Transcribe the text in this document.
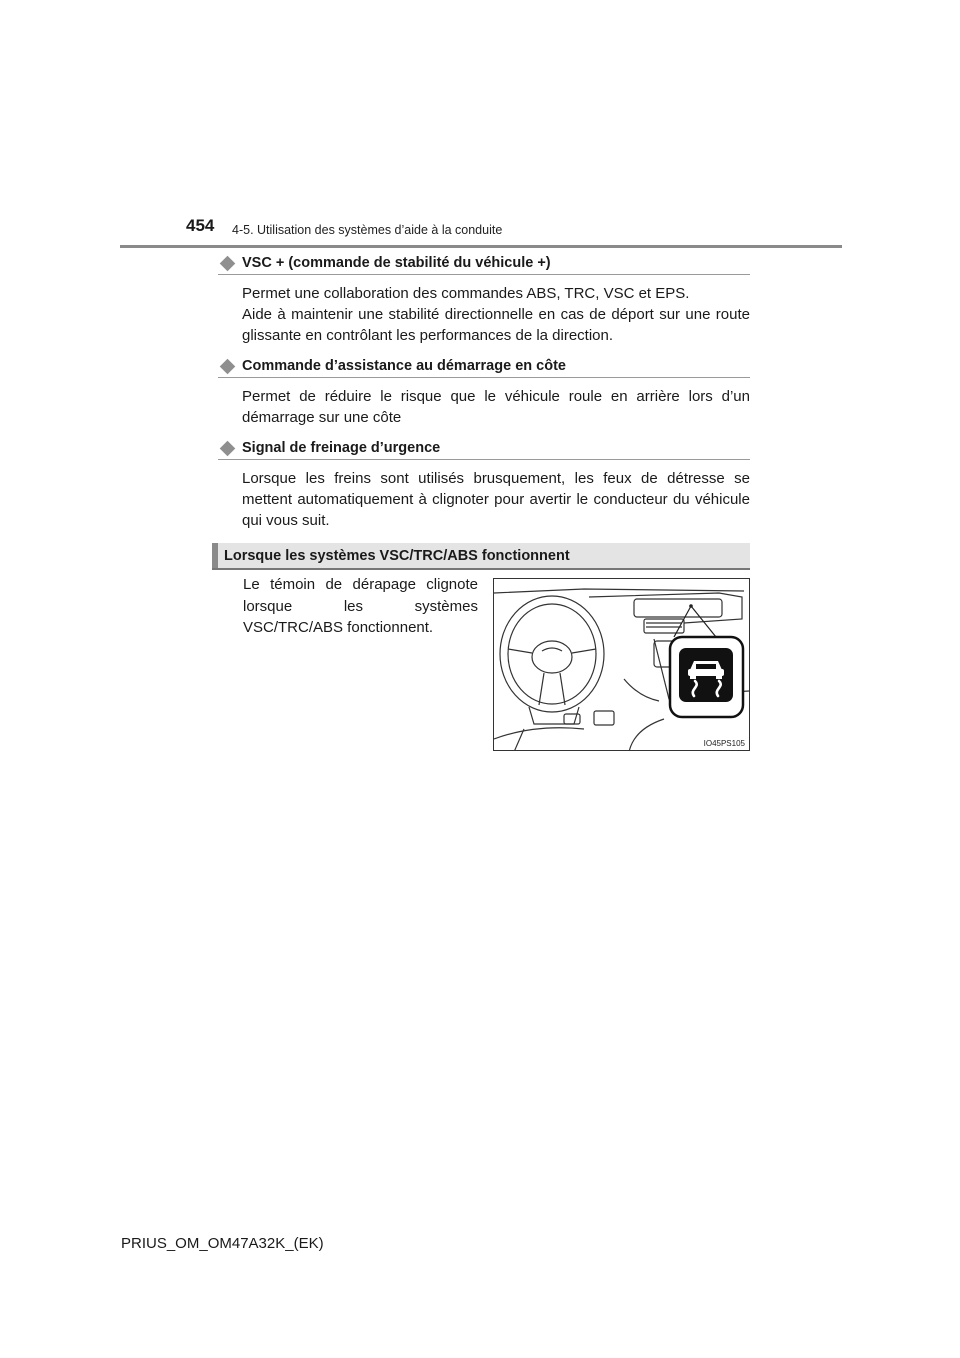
454 4-5. Utilisation des systèmes d’aide à la conduite
VSC + (commande de stabilité du véhicule +)

Permet une collaboration des commandes ABS, TRC, VSC et EPS.

Aide à maintenir une stabilité directionnelle en cas de déport sur une route glissante en contrôlant les performances de la direction.

Commande d’assistance au démarrage en côte

Permet de réduire le risque que le véhicule roule en arrière lors d’un démarrage sur une côte

Signal de freinage d’urgence

Lorsque les freins sont utilisés brusquement, les feux de détresse se mettent automatiquement à clignoter pour avertir le conducteur du véhicule qui vous suit.

Lorsque les systèmes VSC/TRC/ABS fonctionnent
Le témoin de dérapage clignote lorsque les systèmes VSC/TRC/ABS fonctionnent.
IO45PS105
PRIUS_OM_OM47A32K_(EK)
